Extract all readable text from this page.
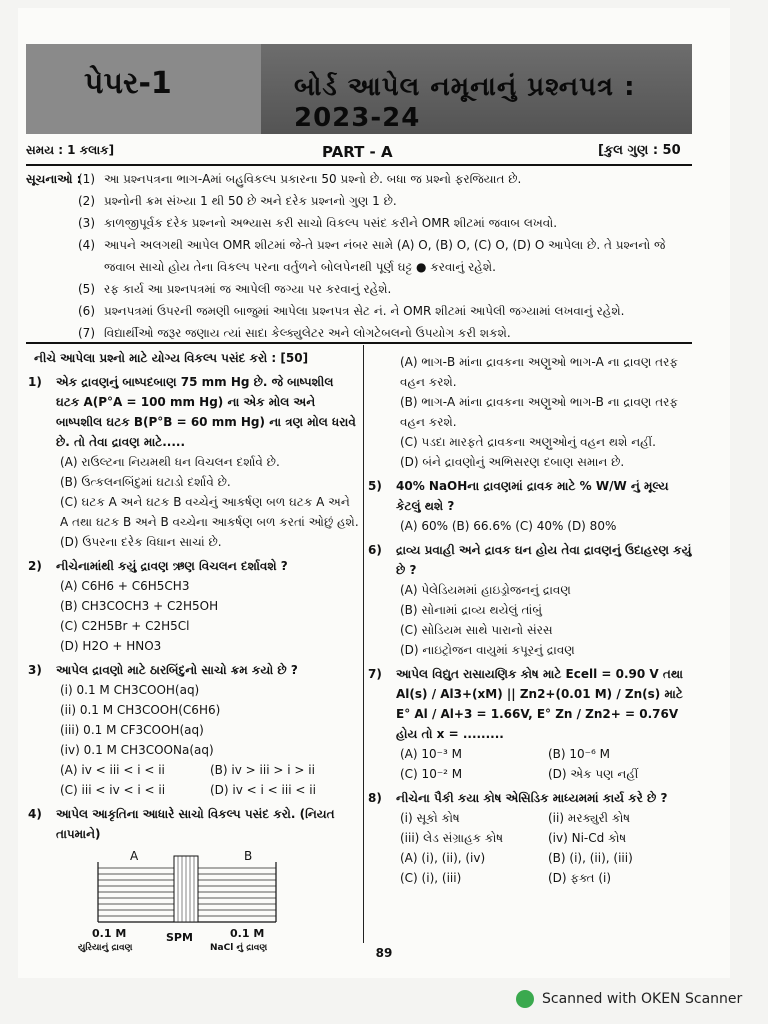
પેપર-1	બોર્ડ આપેલ નમૂનાનું પ્રશ્નપત્ર : 2023-24
સમય : 1 કલાક]	PART - A	[કુલ ગુણ : 50
સૂચનાઓ :
(1) આ પ્રશ્નપત્રના ભાગ-Aમાં બહુવિકલ્પ પ્રકારના 50 પ્રશ્નો છે. બધા જ પ્રશ્નો ફરજિયાત છે.
(2) પ્રશ્નોની ક્રમ સંખ્યા 1 થી 50 છે અને દરેક પ્રશ્નનો ગુણ 1 છે.
(3) કાળજીપૂર્વક દરેક પ્રશ્નનો અભ્યાસ કરી સાચો વિકલ્પ પસંદ કરીને OMR શીટમાં જવાબ લખવો.
(4) આપને અલગથી આપેલ OMR શીટમાં જે-તે પ્રશ્ન નંબર સામે (A) O, (B) O, (C) O, (D) O આપેલા છે. તે પ્રશ્નનો જે જવાબ સાચો હોય તેના વિકલ્પ પરના વર્તુળને બોલપેનથી પૂર્ણ ઘટ્ટ ● કરવાનું રહેશે.
(5) રફ કાર્ય આ પ્રશ્નપત્રમાં જ આપેલી જગ્યા પર કરવાનું રહેશે.
(6) પ્રશ્નપત્રમાં ઉપરની જમણી બાજુમાં આપેલા પ્રશ્નપત્ર સેટ નં. ને OMR શીટમાં આપેલી જગ્યામાં લખવાનું રહેશે.
(7) વિદ્યાર્થીઓ જરૂર જણાય ત્યાં સાદા કેલ્ક્યુલેટર અને લોગટેબલનો ઉપયોગ કરી શકશે.
નીચે આપેલા પ્રશ્નો માટે યોગ્ય વિકલ્પ પસંદ કરો : [50]
1) એક દ્રાવણનું બાષ્પદબાણ 75 mm Hg છે. જે બાષ્પશીલ ઘટક A(P°A = 100 mm Hg) ના એક મોલ અને બાષ્પશીલ ઘટક B(P°B = 60 mm Hg) ના ત્રણ મોલ ધરાવે છે. તો તેવા દ્રાવણ માટે.....
(A) રાઉલ્ટના નિયમથી ધન વિચલન દર્શાવે છે.
(B) ઉત્કલનબિંદુમાં ઘટાડો દર્શાવે છે.
(C) ઘટક A અને ઘટક B વચ્ચેનું આકર્ષણ બળ ઘટક A અને A તથા ઘટક B અને B વચ્ચેના આકર્ષણ બળ કરતાં ઓછું હશે.
(D) ઉપરના દરેક વિધાન સાચાં છે.
2) નીચેનામાંથી કયું દ્રાવણ ઋણ વિચલન દર્શાવશે ?
(A) C6H6 + C6H5CH3
(B) CH3COCH3 + C2H5OH
(C) C2H5Br + C2H5Cl
(D) H2O + HNO3
3) આપેલ દ્રાવણો માટે ઠારબિંદુનો સાચો ક્રમ કયો છે ?
(i) 0.1 M CH3COOH(aq)
(ii) 0.1 M CH3COOH(C6H6)
(iii) 0.1 M CF3COOH(aq)
(iv) 0.1 M CH3COONa(aq)
(A) iv < iii < i < ii	(B) iv > iii > i > ii
(C) iii < iv < i < ii	(D) iv < i < iii < ii
4) આપેલ આકૃતિના આધારે સાચો વિકલ્પ પસંદ કરો. (નિયત તાપમાને)
A	B
0.1 M	SPM	0.1 M
યુરિયાનું દ્રાવણ	NaCl નું દ્રાવણ
(A) ભાગ-B માંના દ્રાવકના અણુઓ ભાગ-A ના દ્રાવણ તરફ વહન કરશે.
(B) ભાગ-A માંના દ્રાવકના અણુઓ ભાગ-B ના દ્રાવણ તરફ વહન કરશે.
(C) પડદા મારફતે દ્રાવકના અણુઓનું વહન થશે નહીં.
(D) બંને દ્રાવણોનું અભિસરણ દબાણ સમાન છે.
5) 40% NaOHના દ્રાવણમાં દ્રાવક માટે % W/W નું મૂલ્ય કેટલું થશે ?
(A) 60% (B) 66.6% (C) 40% (D) 80%
6) દ્રાવ્ય પ્રવાહી અને દ્રાવક ઘન હોય તેવા દ્રાવણનું ઉદાહરણ કયું છે ?
(A) પેલેડિયમમાં હાઇડ્રોજનનું દ્રાવણ
(B) સોનામાં દ્રાવ્ય થયેલું તાંબું
(C) સોડિયમ સાથે પારાનો સંરસ
(D) નાઇટ્રોજન વાયુમાં કપૂરનું દ્રાવણ
7) આપેલ વિદ્યુત રાસાયણિક કોષ માટે Ecell = 0.90 V તથા Al(s) / Al3+(xM) || Zn2+(0.01 M) / Zn(s) માટે E° Al / Al+3 = 1.66V, E° Zn / Zn2+ = 0.76V હોય તો x = .........
(A) 10⁻³ M	(B) 10⁻⁶ M
(C) 10⁻² M	(D) એક પણ નહીં
8) નીચેના પૈકી કયા કોષ એસિડિક માધ્યમમાં કાર્ય કરે છે ?
(i) સૂકો કોષ	(ii) મરક્યુરી કોષ
(iii) લેડ સંગ્રાહક કોષ	(iv) Ni-Cd કોષ
(A) (i), (ii), (iv)	(B) (i), (ii), (iii)
(C) (i), (iii)	(D) ફક્ત (i)
89
Scanned with OKEN Scanner
